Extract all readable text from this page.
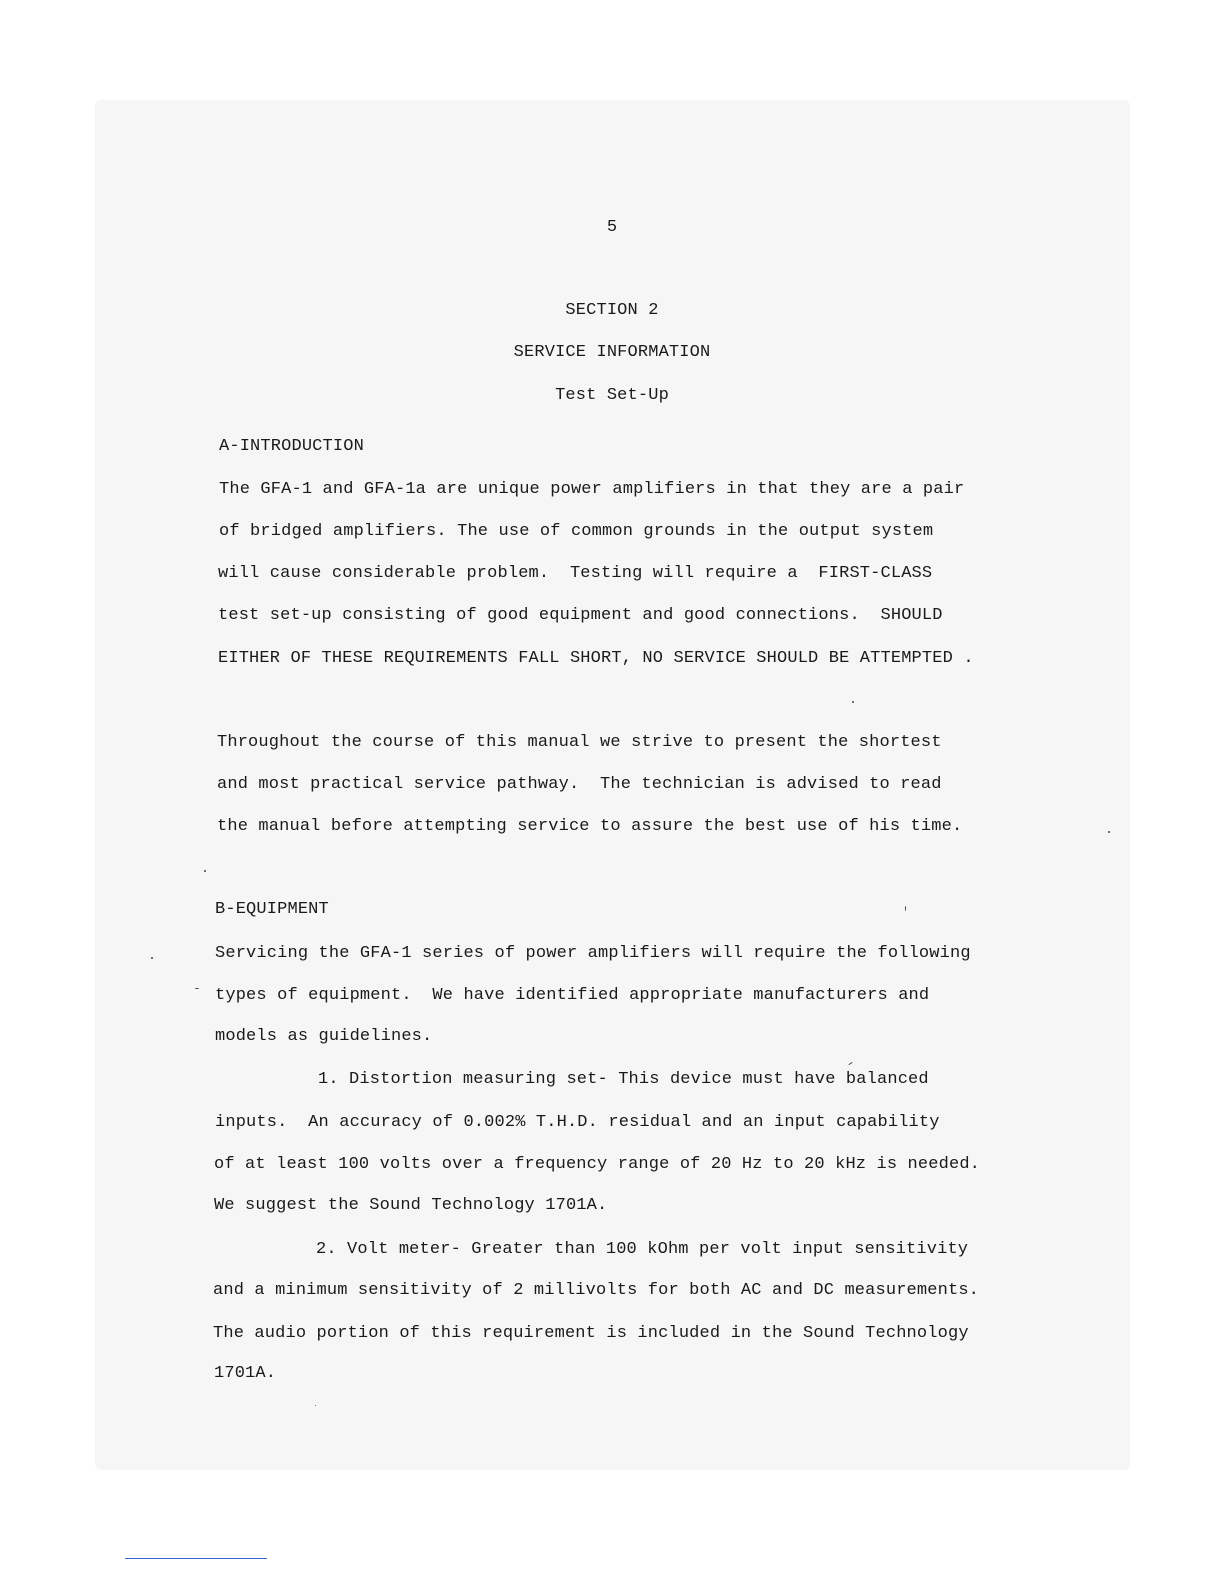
5
SECTION 2
SERVICE INFORMATION
Test Set-Up
A-INTRODUCTION
The GFA-1 and GFA-1a are unique power amplifiers in that they are a pair
of bridged amplifiers. The use of common grounds in the output system
will cause considerable problem.  Testing will require a  FIRST-CLASS
test set-up consisting of good equipment and good connections.  SHOULD
EITHER OF THESE REQUIREMENTS FALL SHORT, NO SERVICE SHOULD BE ATTEMPTED .
Throughout the course of this manual we strive to present the shortest
and most practical service pathway.  The technician is advised to read
the manual before attempting service to assure the best use of his time.
B-EQUIPMENT
Servicing the GFA-1 series of power amplifiers will require the following
types of equipment.  We have identified appropriate manufacturers and
models as guidelines.
1. Distortion measuring set- This device must have balanced
inputs.  An accuracy of 0.002% T.H.D. residual and an input capability
of at least 100 volts over a frequency range of 20 Hz to 20 kHz is needed.
We suggest the Sound Technology 1701A.
2. Volt meter- Greater than 100 kOhm per volt input sensitivity
and a minimum sensitivity of 2 millivolts for both AC and DC measurements.
The audio portion of this requirement is included in the Sound Technology
1701A.
